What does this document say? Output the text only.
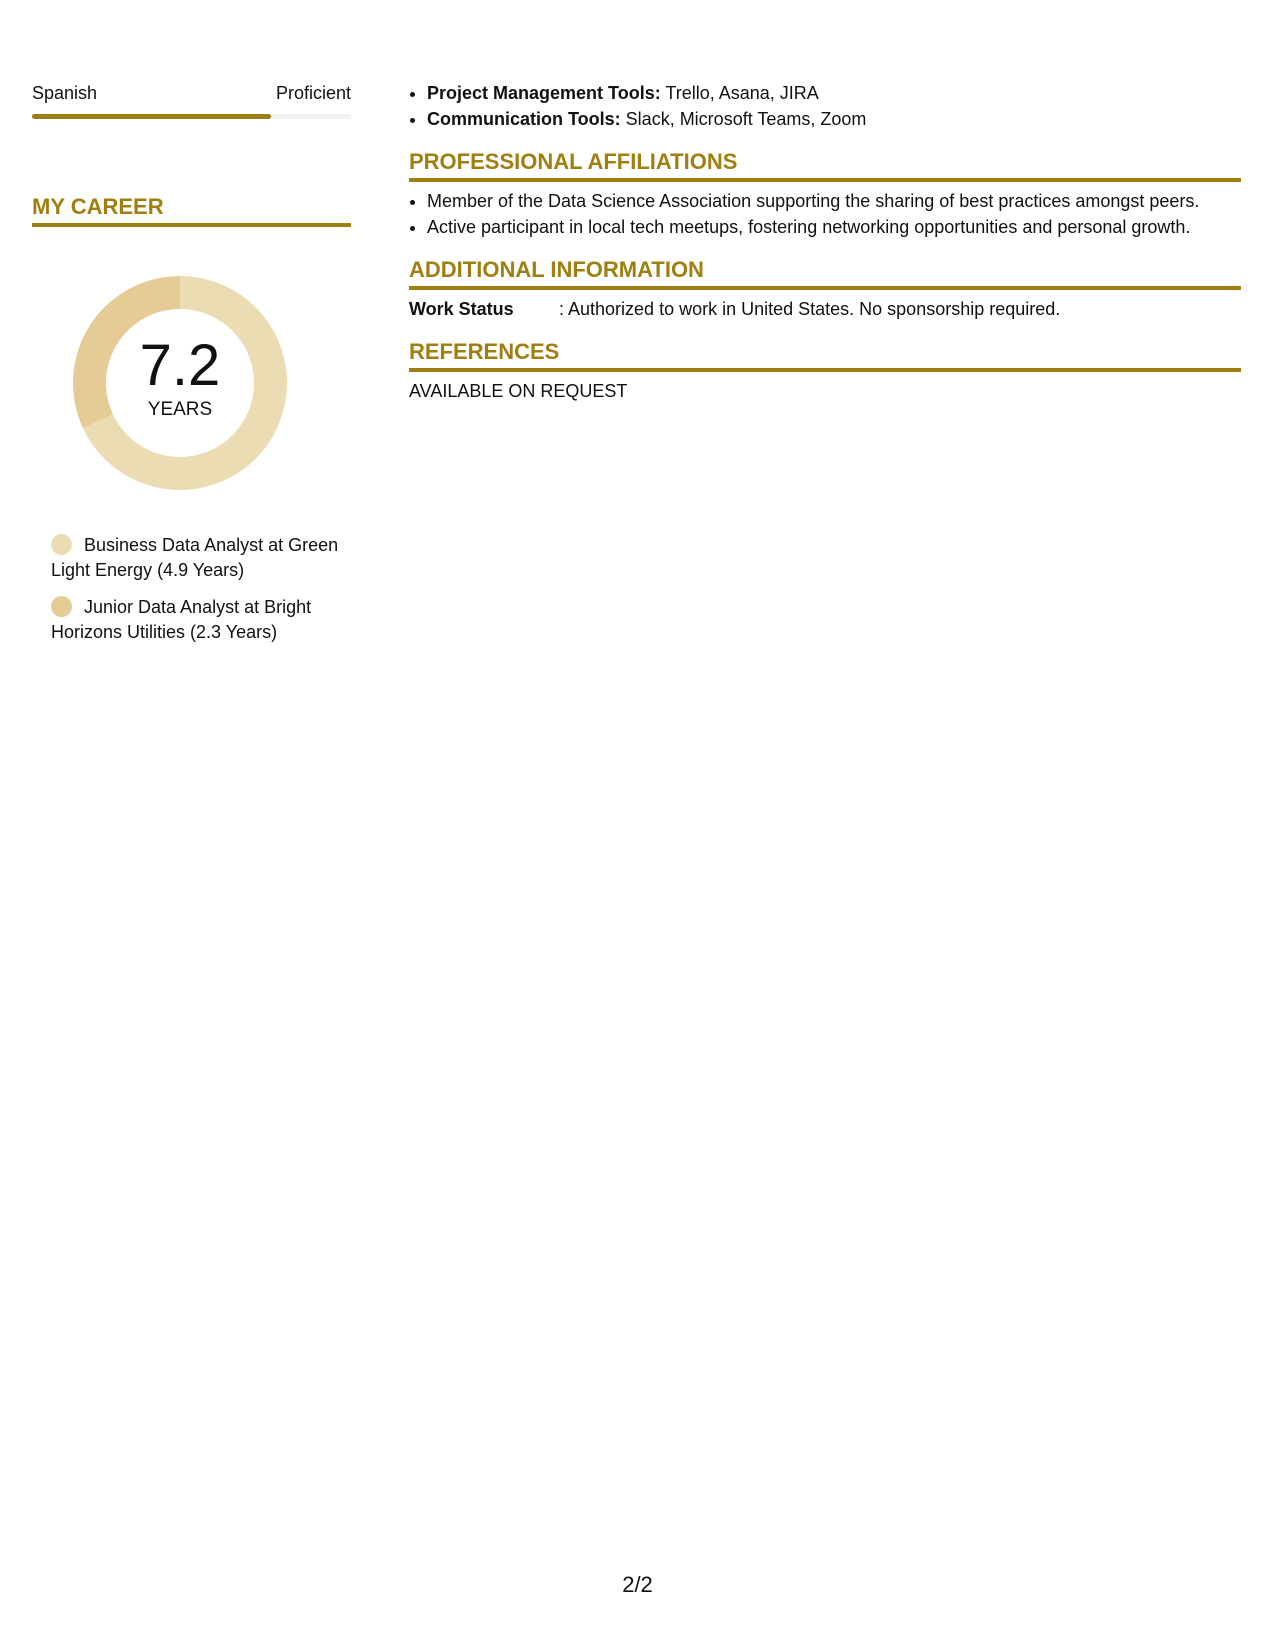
Spanish	Proficient
MY CAREER
7.2
YEARS
Business Data Analyst at Green Light Energy (4.9 Years)
Junior Data Analyst at Bright Horizons Utilities (2.3 Years)
• Project Management Tools: Trello, Asana, JIRA
• Communication Tools: Slack, Microsoft Teams, Zoom
PROFESSIONAL AFFILIATIONS
• Member of the Data Science Association supporting the sharing of best practices amongst peers.
• Active participant in local tech meetups, fostering networking opportunities and personal growth.
ADDITIONAL INFORMATION
Work Status	: Authorized to work in United States. No sponsorship required.
REFERENCES
AVAILABLE ON REQUEST
2/2
